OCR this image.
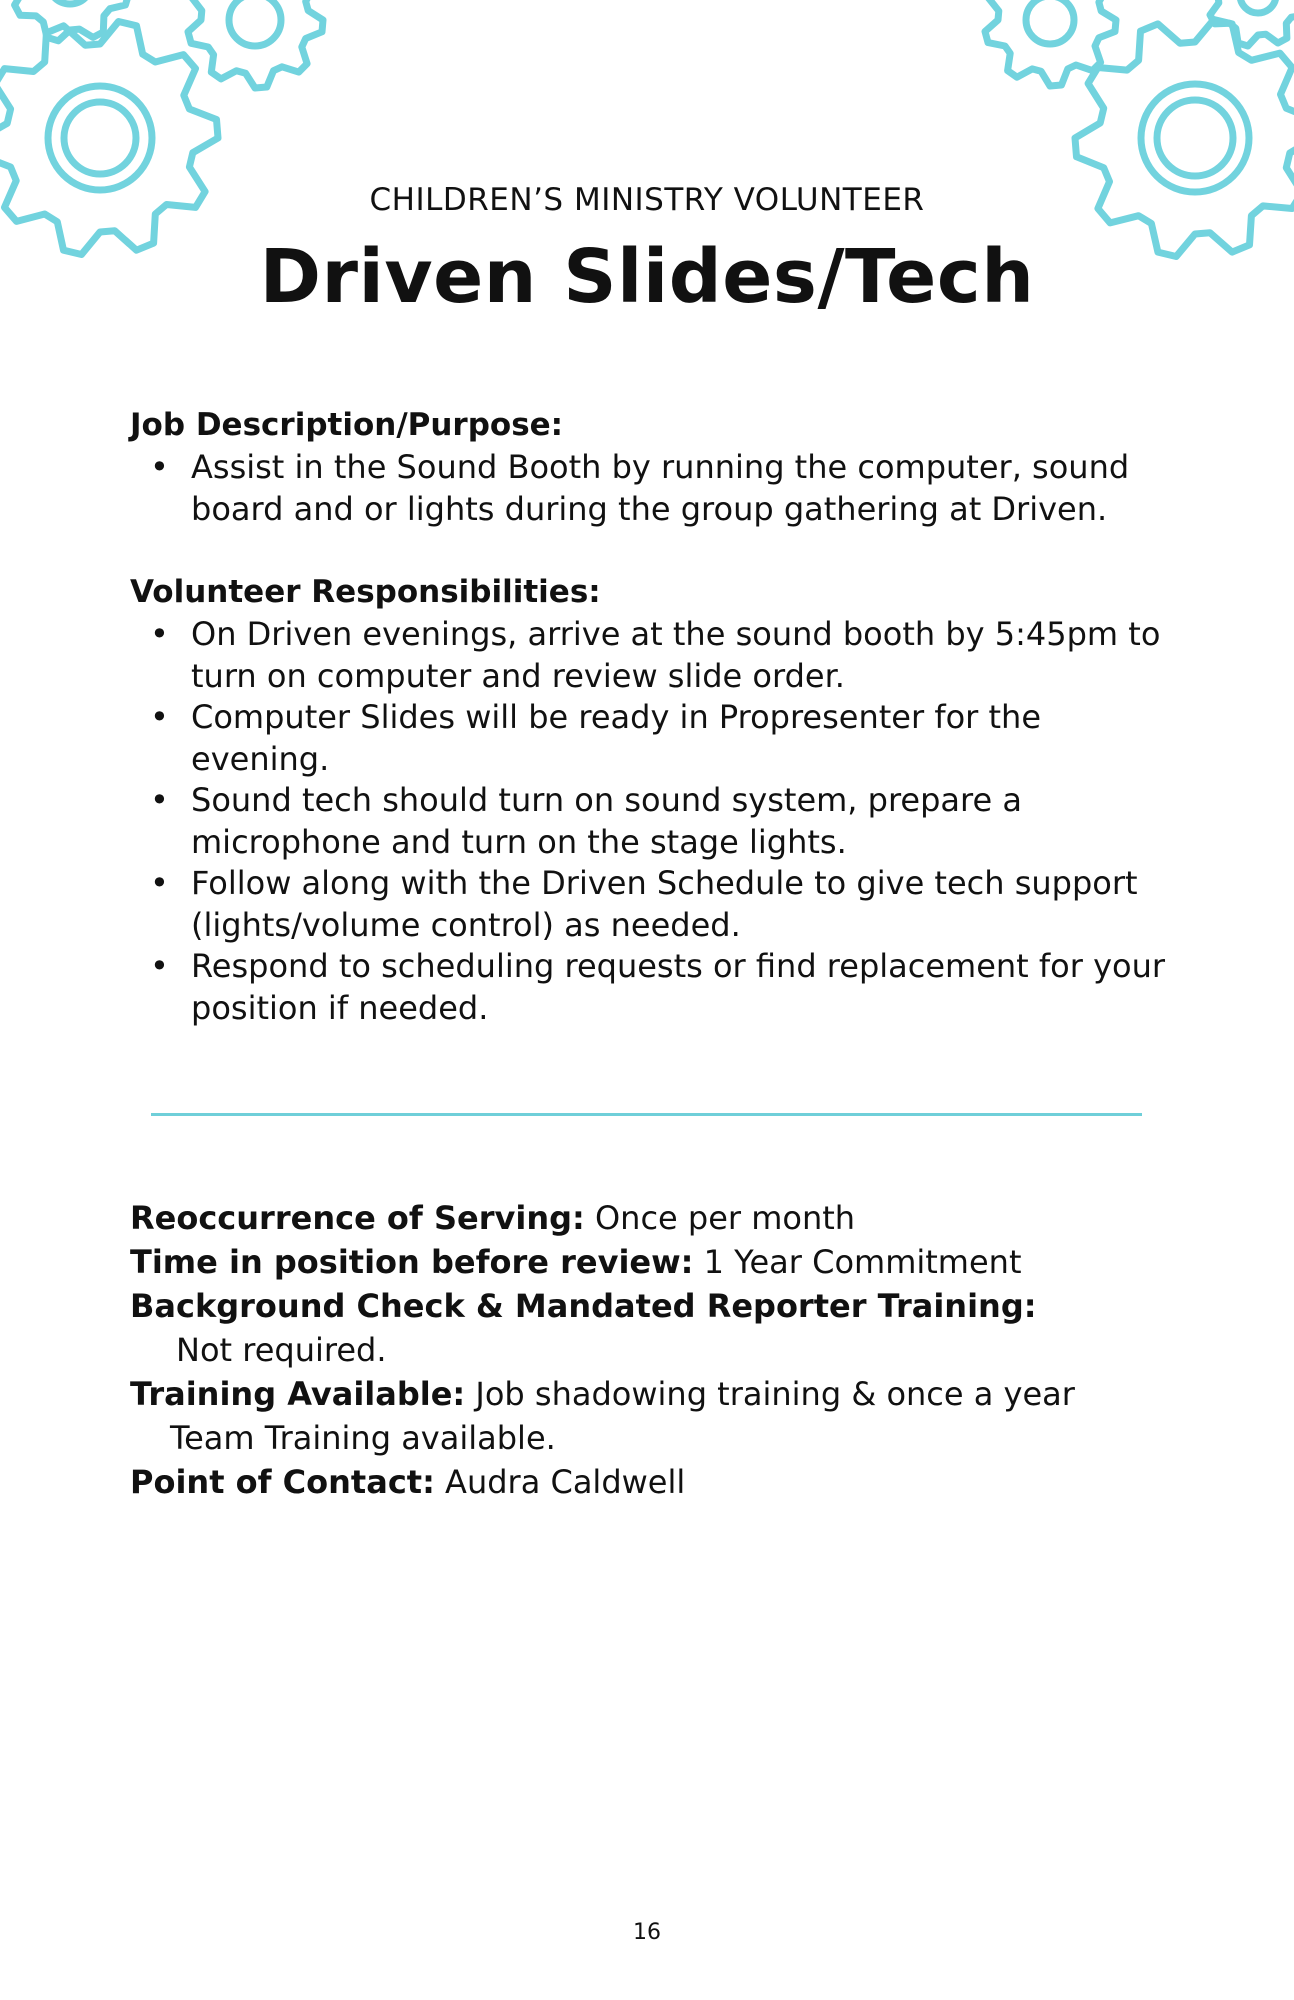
CHILDREN’S MINISTRY VOLUNTEER

Driven Slides/Tech
Job Description/Purpose:
• Assist in the Sound Booth by running the computer, sound board and or lights during the group gathering at Driven.
Volunteer Responsibilities:
• On Driven evenings, arrive at the sound booth by 5:45pm to turn on computer and review slide order.
• Computer Slides will be ready in Propresenter for the evening.
• Sound tech should turn on sound system, prepare a microphone and turn on the stage lights.
• Follow along with the Driven Schedule to give tech support (lights/volume control) as needed.
• Respond to scheduling requests or find replacement for your position if needed.

Reoccurrence of Serving: Once per month

Time in position before review: 1 Year Commitment

Background Check & Mandated Reporter Training:

Not required.

Training Available: Job shadowing training & once a year

Team Training available.

Point of Contact: Audra Caldwell

16
